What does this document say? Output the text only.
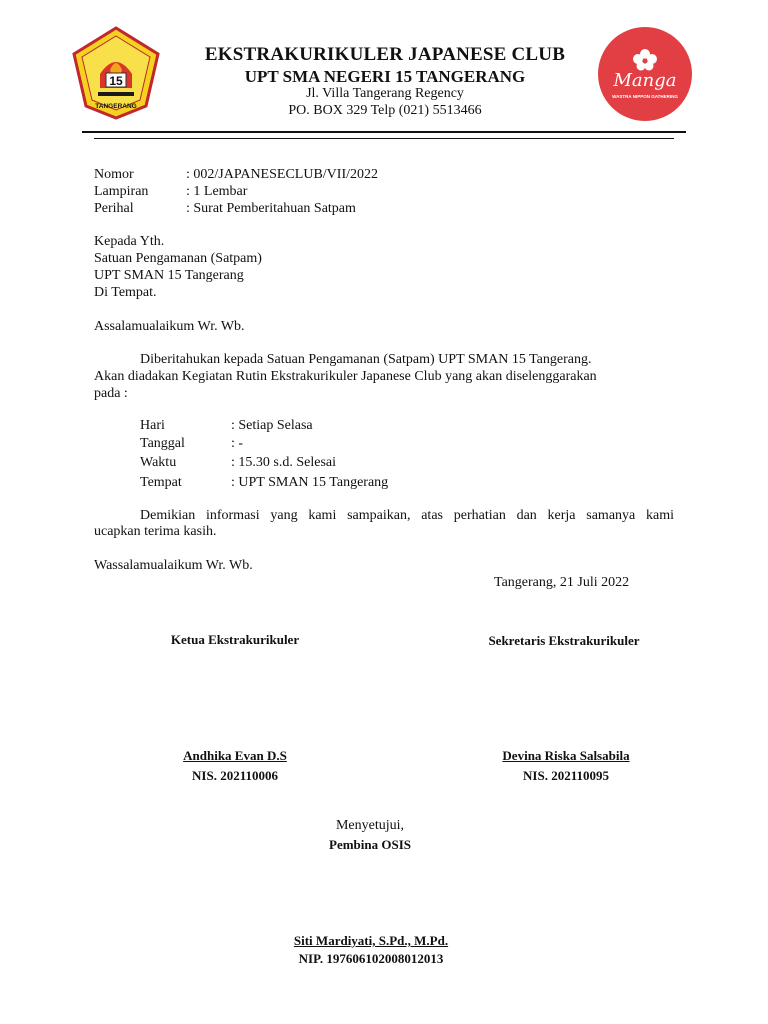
15
TANGERANG
EKSTRAKURIKULER JAPANESE CLUB
UPT SMA NEGERI 15 TANGERANG
Jl. Villa Tangerang Regency
PO. BOX 329 Telp (021) 5513466
Manga
WASTRA NIPPON GATHERING
Nomor	: 002/JAPANESECLUB/VII/2022
Lampiran	: 1 Lembar
Perihal	: Surat Pemberitahuan Satpam
Kepada Yth.
Satuan Pengamanan (Satpam)
UPT SMAN 15 Tangerang
Di Tempat.
Assalamualaikum Wr. Wb.
Diberitahukan kepada Satuan Pengamanan (Satpam) UPT SMAN 15 Tangerang.
Akan diadakan Kegiatan Rutin Ekstrakurikuler Japanese Club yang akan diselenggarakan
pada :
Hari	: Setiap Selasa
Tanggal	: -
Waktu	: 15.30 s.d. Selesai
Tempat	: UPT SMAN 15 Tangerang
Demikian informasi yang kami sampaikan, atas perhatian dan kerja samanya kami
ucapkan terima kasih.
Wassalamualaikum Wr. Wb.
Tangerang, 21 Juli 2022
Ketua Ekstrakurikuler	Sekretaris Ekstrakurikuler
Andhika Evan D.S
NIS. 202110006
Devina Riska Salsabila
NIS. 202110095
Menyetujui,
Pembina OSIS
Siti Mardiyati, S.Pd., M.Pd.
NIP. 197606102008012013
